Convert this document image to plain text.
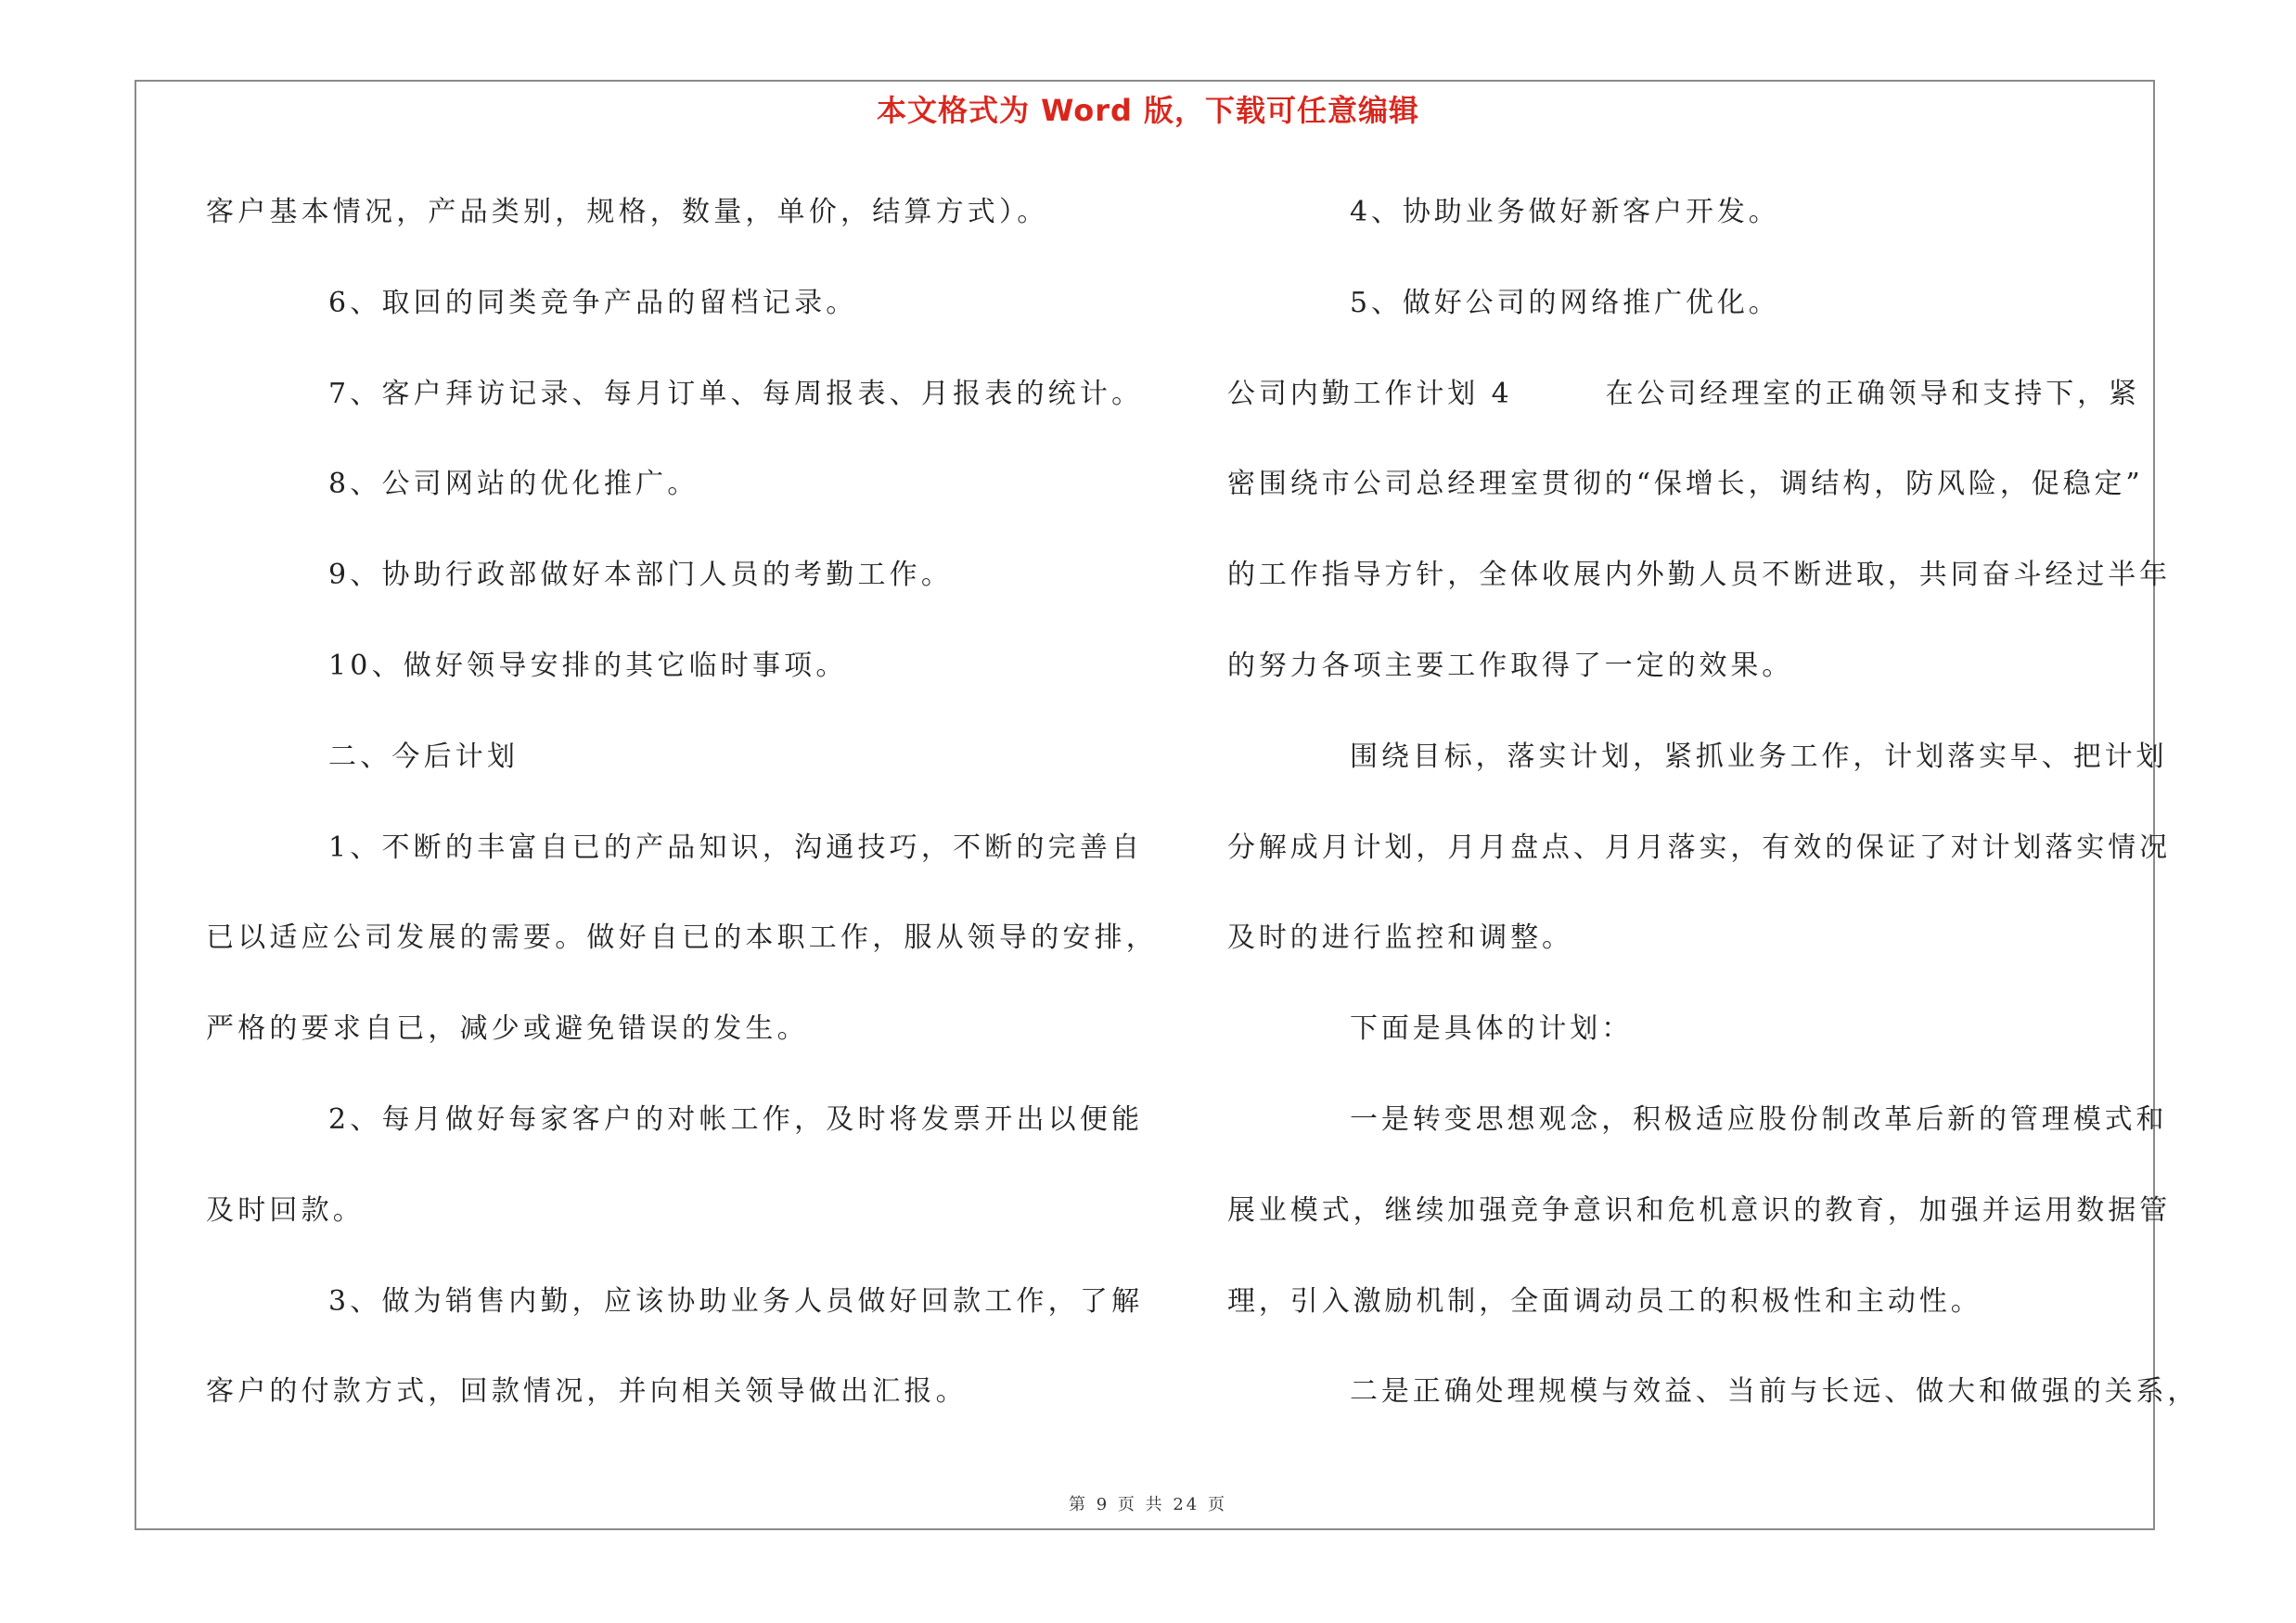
本文格式为 Word 版，下载可任意编辑
客户基本情况，产品类别，规格，数量，单价，结算方式）。
6、取回的同类竞争产品的留档记录。
7、客户拜访记录、每月订单、每周报表、月报表的统计。
8、公司网站的优化推广。
9、协助行政部做好本部门人员的考勤工作。
10、做好领导安排的其它临时事项。
二、今后计划
1、不断的丰富自已的产品知识，沟通技巧，不断的完善自
已以适应公司发展的需要。做好自已的本职工作，服从领导的安排，
严格的要求自已，减少或避免错误的发生。
2、每月做好每家客户的对帐工作，及时将发票开出以便能
及时回款。
3、做为销售内勤，应该协助业务人员做好回款工作，了解
客户的付款方式，回款情况，并向相关领导做出汇报。
4、协助业务做好新客户开发。
5、做好公司的网络推广优化。
公司内勤工作计划 4	在公司经理室的正确领导和支持下，紧
密围绕市公司总经理室贯彻的“保增长，调结构，防风险，促稳定”
的工作指导方针，全体收展内外勤人员不断进取，共同奋斗经过半年
的努力各项主要工作取得了一定的效果。
围绕目标，落实计划，紧抓业务工作，计划落实早、把计划
分解成月计划，月月盘点、月月落实，有效的保证了对计划落实情况
及时的进行监控和调整。
下面是具体的计划：
一是转变思想观念，积极适应股份制改革后新的管理模式和
展业模式，继续加强竞争意识和危机意识的教育，加强并运用数据管
理，引入激励机制，全面调动员工的积极性和主动性。
二是正确处理规模与效益、当前与长远、做大和做强的关系，
第 9 页 共 24 页
